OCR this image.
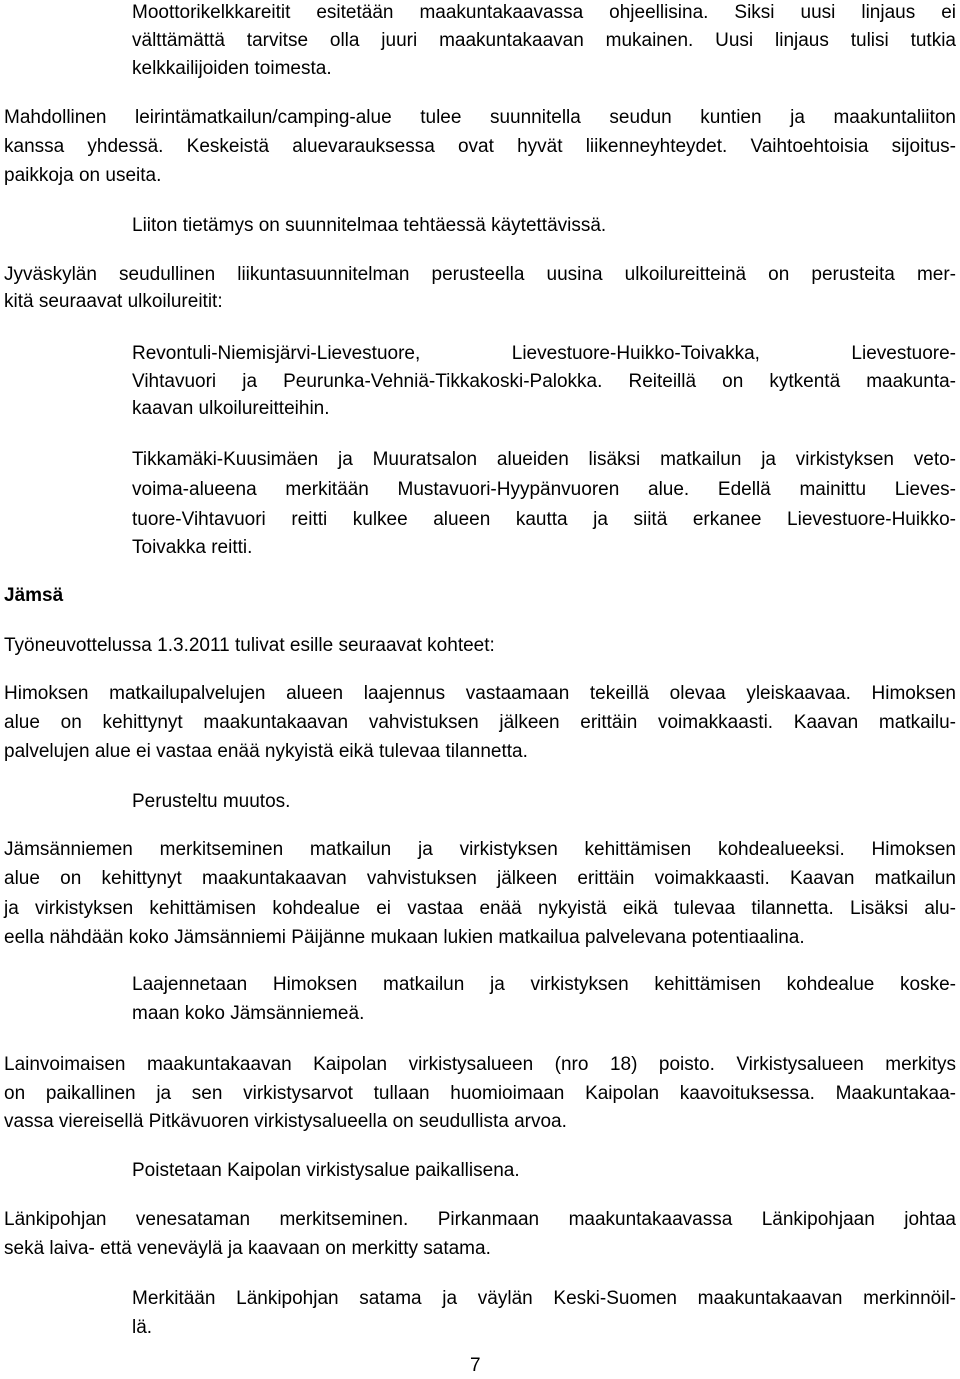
Moottorikelkkareitit esitetään maakuntakaavassa ohjeellisina. Siksi uusi linjaus ei
välttämättä tarvitse olla juuri maakuntakaavan mukainen. Uusi linjaus tulisi tutkia
kelkkailijoiden toimesta.
Mahdollinen leirintämatkailun/camping-alue tulee suunnitella seudun kuntien ja maakuntaliiton
kanssa yhdessä. Keskeistä aluevarauksessa ovat hyvät liikenneyhteydet. Vaihtoehtoisia sijoitus-
paikkoja on useita.
Liiton tietämys on suunnitelmaa tehtäessä käytettävissä.
Jyväskylän seudullinen liikuntasuunnitelman perusteella uusina ulkoilureitteinä on perusteita mer-
kitä seuraavat ulkoilureitit:
Revontuli-Niemisjärvi-Lievestuore, Lievestuore-Huikko-Toivakka, Lievestuore-
Vihtavuori ja Peurunka-Vehniä-Tikkakoski-Palokka. Reiteillä on kytkentä maakunta-
kaavan ulkoilureitteihin.
Tikkamäki-Kuusimäen ja Muuratsalon alueiden lisäksi matkailun ja virkistyksen veto-
voima-alueena merkitään Mustavuori-Hyypänvuoren alue. Edellä mainittu Lieves-
tuore-Vihtavuori reitti kulkee alueen kautta ja siitä erkanee Lievestuore-Huikko-
Toivakka reitti.
Jämsä
Työneuvottelussa 1.3.2011 tulivat esille seuraavat kohteet:
Himoksen matkailupalvelujen alueen laajennus vastaamaan tekeillä olevaa yleiskaavaa. Himoksen
alue on kehittynyt maakuntakaavan vahvistuksen jälkeen erittäin voimakkaasti. Kaavan matkailu-
palvelujen alue ei vastaa enää nykyistä eikä tulevaa tilannetta.
Perusteltu muutos.
Jämsänniemen merkitseminen matkailun ja virkistyksen kehittämisen kohdealueeksi. Himoksen
alue on kehittynyt maakuntakaavan vahvistuksen jälkeen erittäin voimakkaasti. Kaavan matkailun
ja virkistyksen kehittämisen kohdealue ei vastaa enää nykyistä eikä tulevaa tilannetta. Lisäksi alu-
eella nähdään koko Jämsänniemi Päijänne mukaan lukien matkailua palvelevana potentiaalina.
Laajennetaan Himoksen matkailun ja virkistyksen kehittämisen kohdealue koske-
maan koko Jämsänniemeä.
Lainvoimaisen maakuntakaavan Kaipolan virkistysalueen (nro 18) poisto. Virkistysalueen merkitys
on paikallinen ja sen virkistysarvot tullaan huomioimaan Kaipolan kaavoituksessa. Maakuntakaa-
vassa viereisellä Pitkävuoren virkistysalueella on seudullista arvoa.
Poistetaan Kaipolan virkistysalue paikallisena.
Länkipohjan venesataman merkitseminen. Pirkanmaan maakuntakaavassa Länkipohjaan johtaa
sekä laiva- että veneväylä ja kaavaan on merkitty satama.
Merkitään Länkipohjan satama ja väylän Keski-Suomen maakuntakaavan merkinnöil-
lä.
7
